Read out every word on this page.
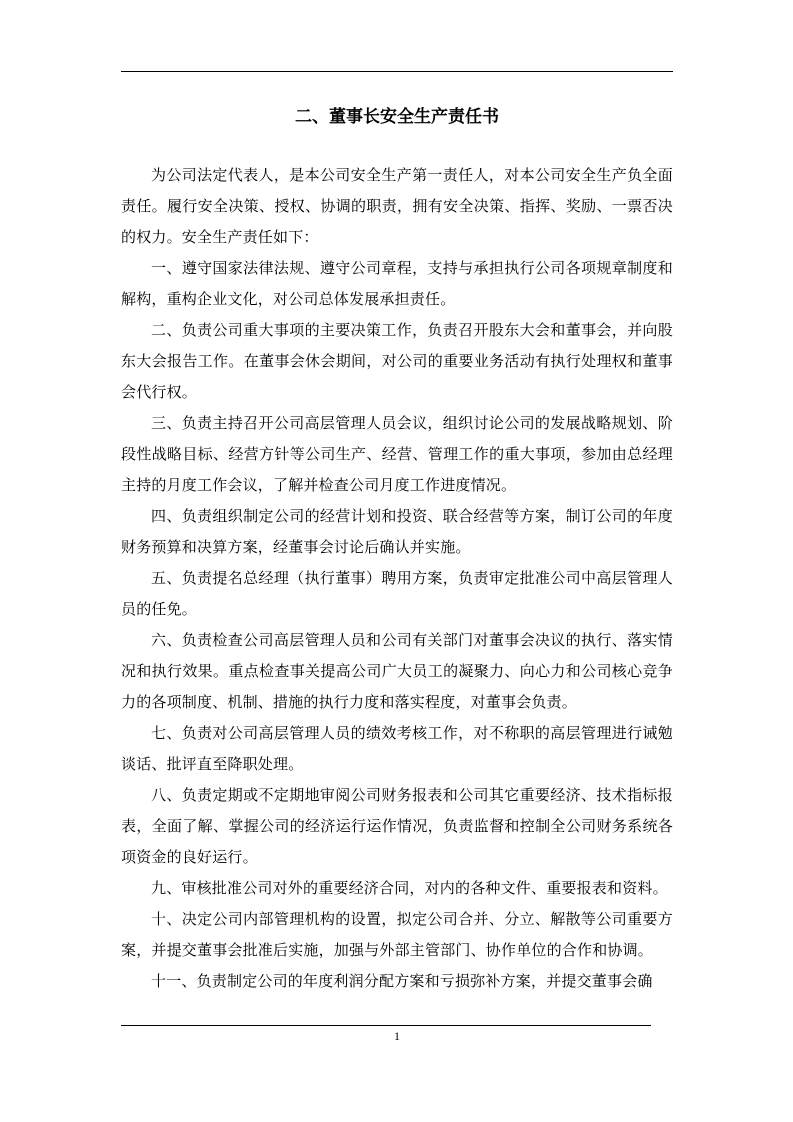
二、董事长安全生产责任书

为公司法定代表人，是本公司安全生产第一责任人，对本公司安全生产负全面责任。履行安全决策、授权、协调的职责，拥有安全决策、指挥、奖励、一票否决的权力。安全生产责任如下：

一、遵守国家法律法规、遵守公司章程，支持与承担执行公司各项规章制度和解构，重构企业文化，对公司总体发展承担责任。

二、负责公司重大事项的主要决策工作，负责召开股东大会和董事会，并向股东大会报告工作。在董事会休会期间，对公司的重要业务活动有执行处理权和董事会代行权。

三、负责主持召开公司高层管理人员会议，组织讨论公司的发展战略规划、阶段性战略目标、经营方针等公司生产、经营、管理工作的重大事项，参加由总经理主持的月度工作会议，了解并检查公司月度工作进度情况。

四、负责组织制定公司的经营计划和投资、联合经营等方案，制订公司的年度财务预算和决算方案，经董事会讨论后确认并实施。

五、负责提名总经理（执行董事）聘用方案，负责审定批准公司中高层管理人员的任免。

六、负责检查公司高层管理人员和公司有关部门对董事会决议的执行、落实情况和执行效果。重点检查事关提高公司广大员工的凝聚力、向心力和公司核心竞争力的各项制度、机制、措施的执行力度和落实程度，对董事会负责。

七、负责对公司高层管理人员的绩效考核工作，对不称职的高层管理进行诫勉谈话、批评直至降职处理。

八、负责定期或不定期地审阅公司财务报表和公司其它重要经济、技术指标报表，全面了解、掌握公司的经济运行运作情况，负责监督和控制全公司财务系统各项资金的良好运行。

九、审核批准公司对外的重要经济合同，对内的各种文件、重要报表和资料。

十、决定公司内部管理机构的设置，拟定公司合并、分立、解散等公司重要方案，并提交董事会批准后实施，加强与外部主管部门、协作单位的合作和协调。

十一、负责制定公司的年度利润分配方案和亏损弥补方案，并提交董事会确

1
